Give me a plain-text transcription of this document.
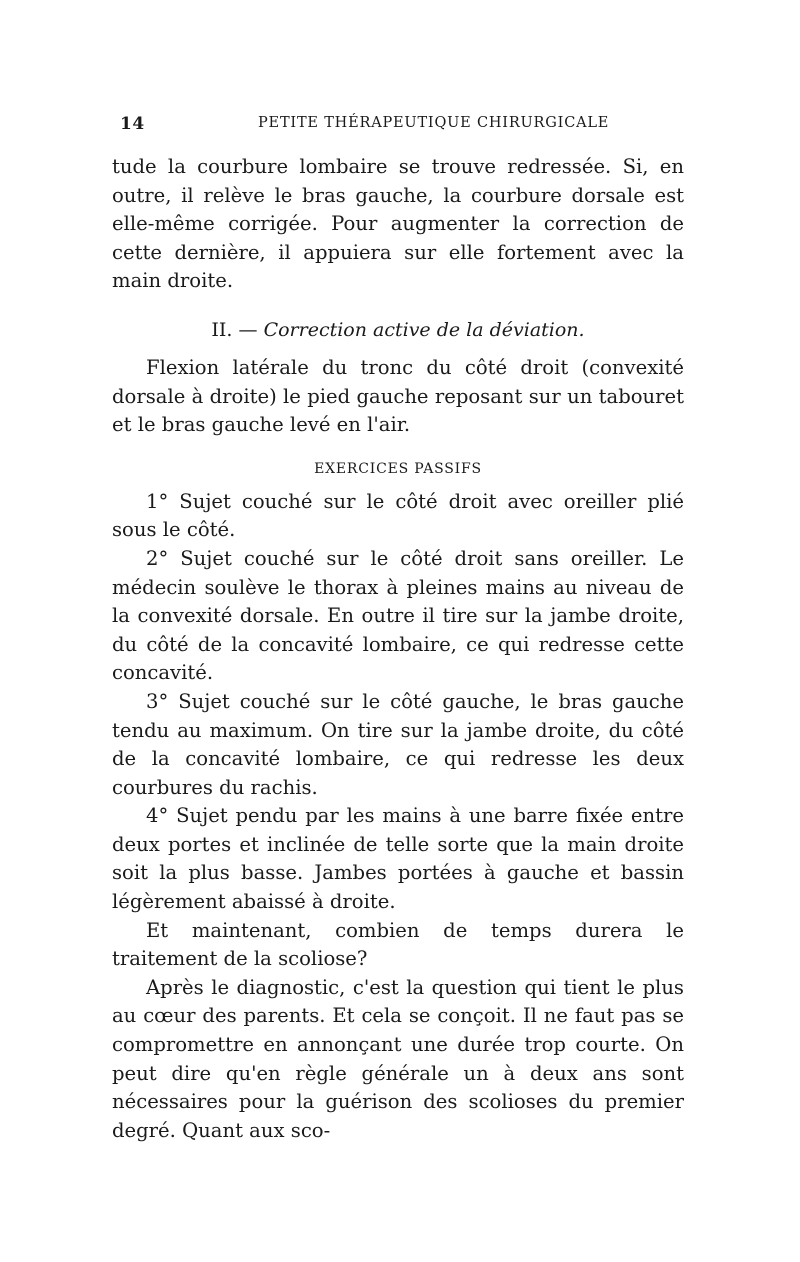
14	PETITE THÉRAPEUTIQUE CHIRURGICALE

tude la courbure lombaire se trouve redressée. Si, en outre, il relève le bras gauche, la courbure dorsale est elle-même corrigée. Pour augmenter la correction de cette dernière, il appuiera sur elle fortement avec la main droite.

II. — Correction active de la déviation.

Flexion latérale du tronc du côté droit (convexité dorsale à droite) le pied gauche reposant sur un tabouret et le bras gauche levé en l'air.

EXERCICES PASSIFS

1° Sujet couché sur le côté droit avec oreiller plié sous le côté.

2° Sujet couché sur le côté droit sans oreiller. Le médecin soulève le thorax à pleines mains au niveau de la convexité dorsale. En outre il tire sur la jambe droite, du côté de la concavité lombaire, ce qui redresse cette concavité.

3° Sujet couché sur le côté gauche, le bras gauche tendu au maximum. On tire sur la jambe droite, du côté de la concavité lombaire, ce qui redresse les deux courbures du rachis.

4° Sujet pendu par les mains à une barre fixée entre deux portes et inclinée de telle sorte que la main droite soit la plus basse. Jambes portées à gauche et bassin légèrement abaissé à droite.

Et maintenant, combien de temps durera le traitement de la scoliose?

Après le diagnostic, c'est la question qui tient le plus au cœur des parents. Et cela se conçoit. Il ne faut pas se compromettre en annonçant une durée trop courte. On peut dire qu'en règle générale un à deux ans sont nécessaires pour la guérison des scolioses du premier degré. Quant aux sco-
